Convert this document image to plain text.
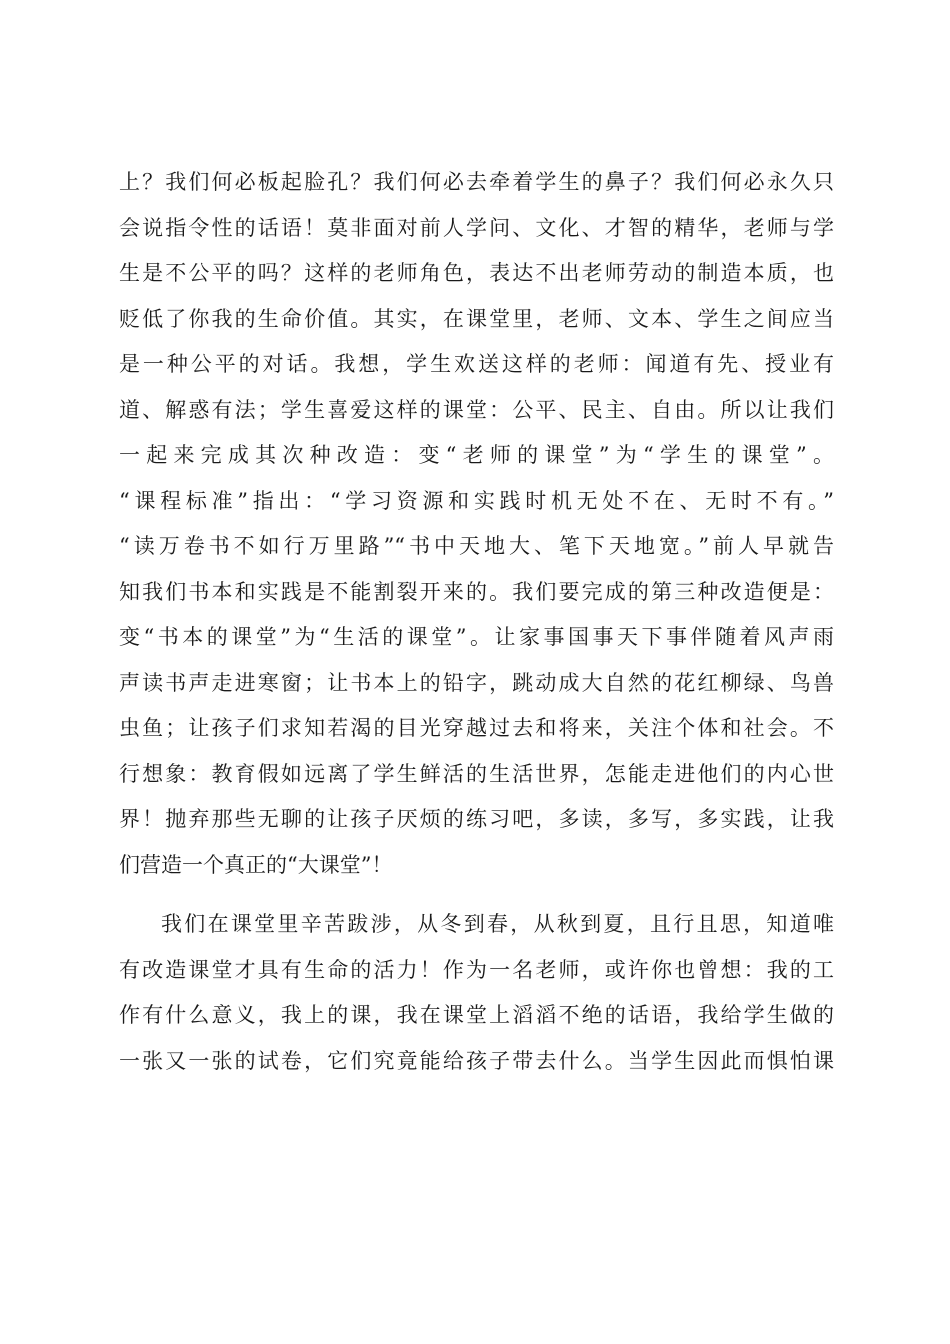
上？我们何必板起脸孔？我们何必去牵着学生的鼻子？我们何必永久只
会说指令性的话语！莫非面对前人学问、文化、才智的精华，老师与学
生是不公平的吗？这样的老师角色，表达不出老师劳动的制造本质，也
贬低了你我的生命价值。其实，在课堂里，老师、文本、学生之间应当
是一种公平的对话。我想，学生欢送这样的老师：闻道有先、授业有
道、解惑有法；学生喜爱这样的课堂：公平、民主、自由。所以让我们
一起来完成其次种改造：变“老师的课堂”为“学生的课堂”。
“课程标准”指出：“学习资源和实践时机无处不在、无时不有。”
“读万卷书不如行万里路”“书中天地大、笔下天地宽。”前人早就告
知我们书本和实践是不能割裂开来的。我们要完成的第三种改造便是：
变“书本的课堂”为“生活的课堂”。让家事国事天下事伴随着风声雨
声读书声走进寒窗；让书本上的铅字，跳动成大自然的花红柳绿、鸟兽
虫鱼；让孩子们求知若渴的目光穿越过去和将来，关注个体和社会。不
行想象：教育假如远离了学生鲜活的生活世界，怎能走进他们的内心世
界！抛弃那些无聊的让孩子厌烦的练习吧，多读，多写，多实践，让我
们营造一个真正的“大课堂”！
我们在课堂里辛苦跋涉，从冬到春，从秋到夏，且行且思，知道唯
有改造课堂才具有生命的活力！作为一名老师，或许你也曾想：我的工
作有什么意义，我上的课，我在课堂上滔滔不绝的话语，我给学生做的
一张又一张的试卷，它们究竟能给孩子带去什么。当学生因此而惧怕课
